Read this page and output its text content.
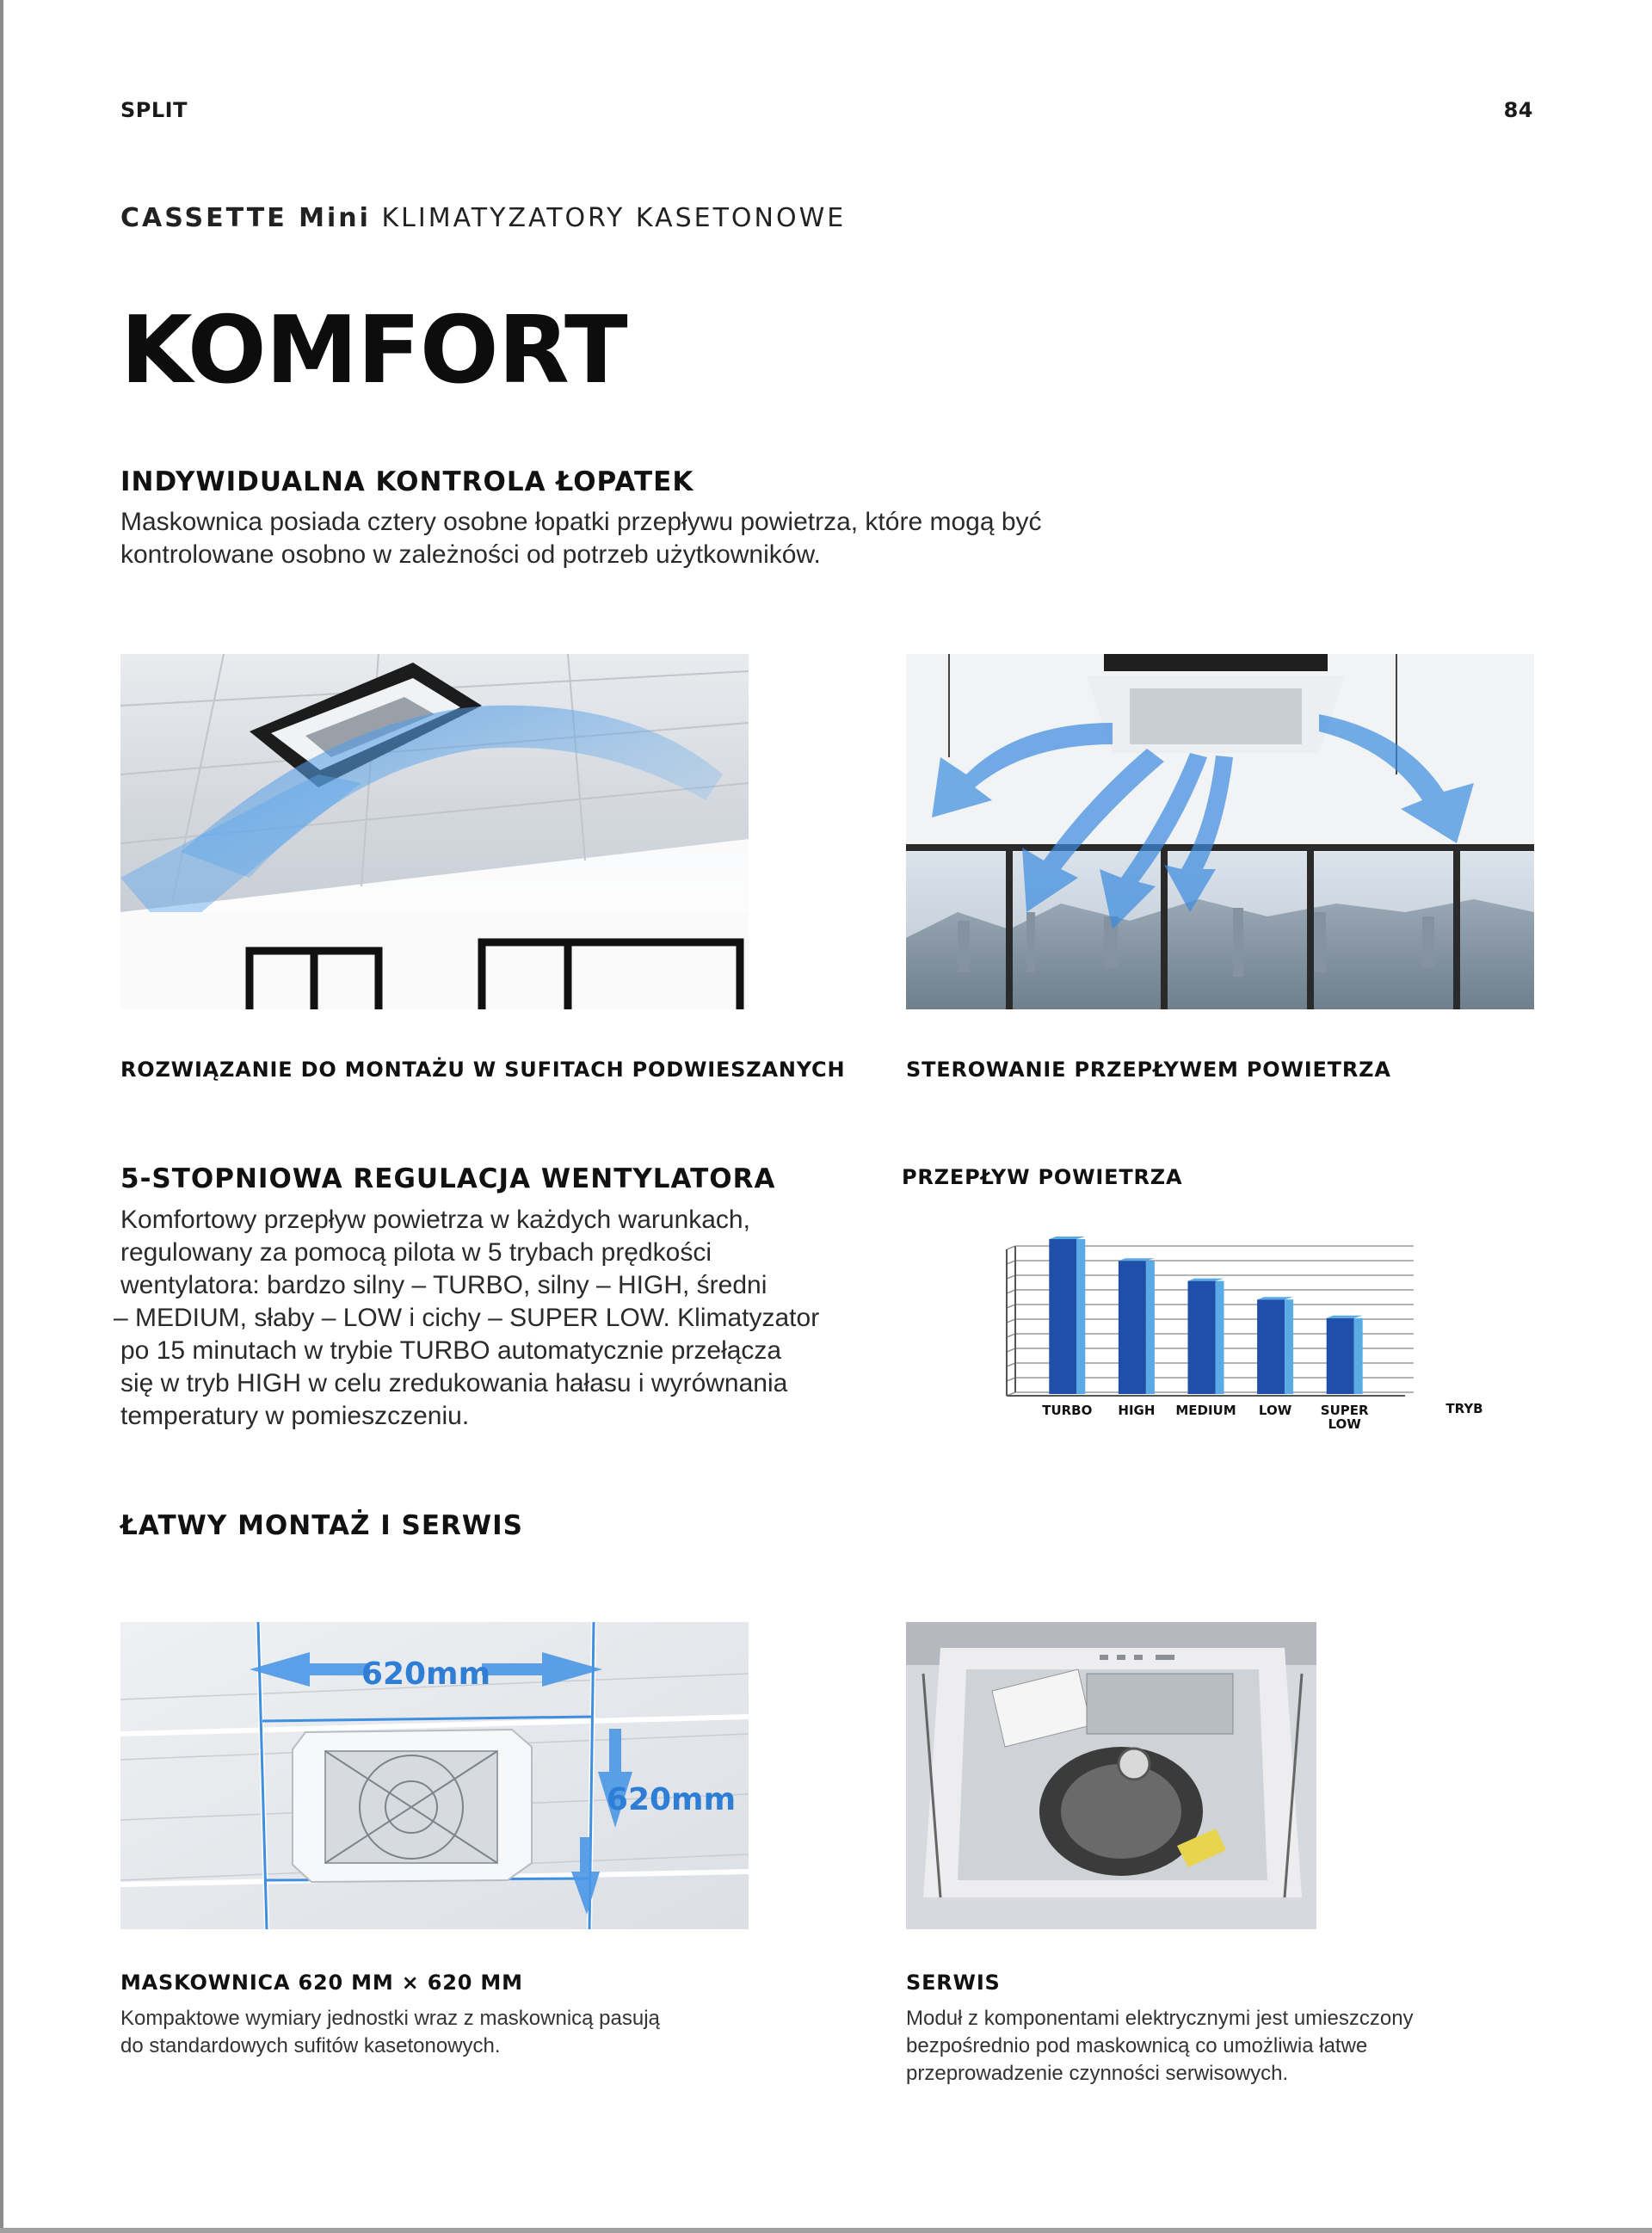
SPLIT	84
CASSETTE Mini KLIMATYZATORY KASETONOWE
KOMFORT
INDYWIDUALNA KONTROLA ŁOPATEK
Maskownica posiada cztery osobne łopatki przepływu powietrza, które mogą być
kontrolowane osobno w zależności od potrzeb użytkowników.
ROZWIĄZANIE DO MONTAŻU W SUFITACH PODWIESZANYCH	STEROWANIE PRZEPŁYWEM POWIETRZA
5-STOPNIOWA REGULACJA WENTYLATORA
Komfortowy przepływ powietrza w każdych warunkach,
regulowany za pomocą pilota w 5 trybach prędkości
wentylatora: bardzo silny – TURBO, silny – HIGH, średni
– MEDIUM, słaby – LOW i cichy – SUPER LOW. Klimatyzator
po 15 minutach w trybie TURBO automatycznie przełącza
się w tryb HIGH w celu zredukowania hałasu i wyrównania
temperatury w pomieszczeniu.
PRZEPŁYW POWIETRZA
TURBO HIGH MEDIUM LOW SUPER
LOW
TRYB
ŁATWY MONTAŻ I SERWIS
620mm
620mm
MASKOWNICA 620 MM × 620 MM
Kompaktowe wymiary jednostki wraz z maskownicą pasują
do standardowych sufitów kasetonowych.
SERWIS
Moduł z komponentami elektrycznymi jest umieszczony
bezpośrednio pod maskownicą co umożliwia łatwe
przeprowadzenie czynności serwisowych.
